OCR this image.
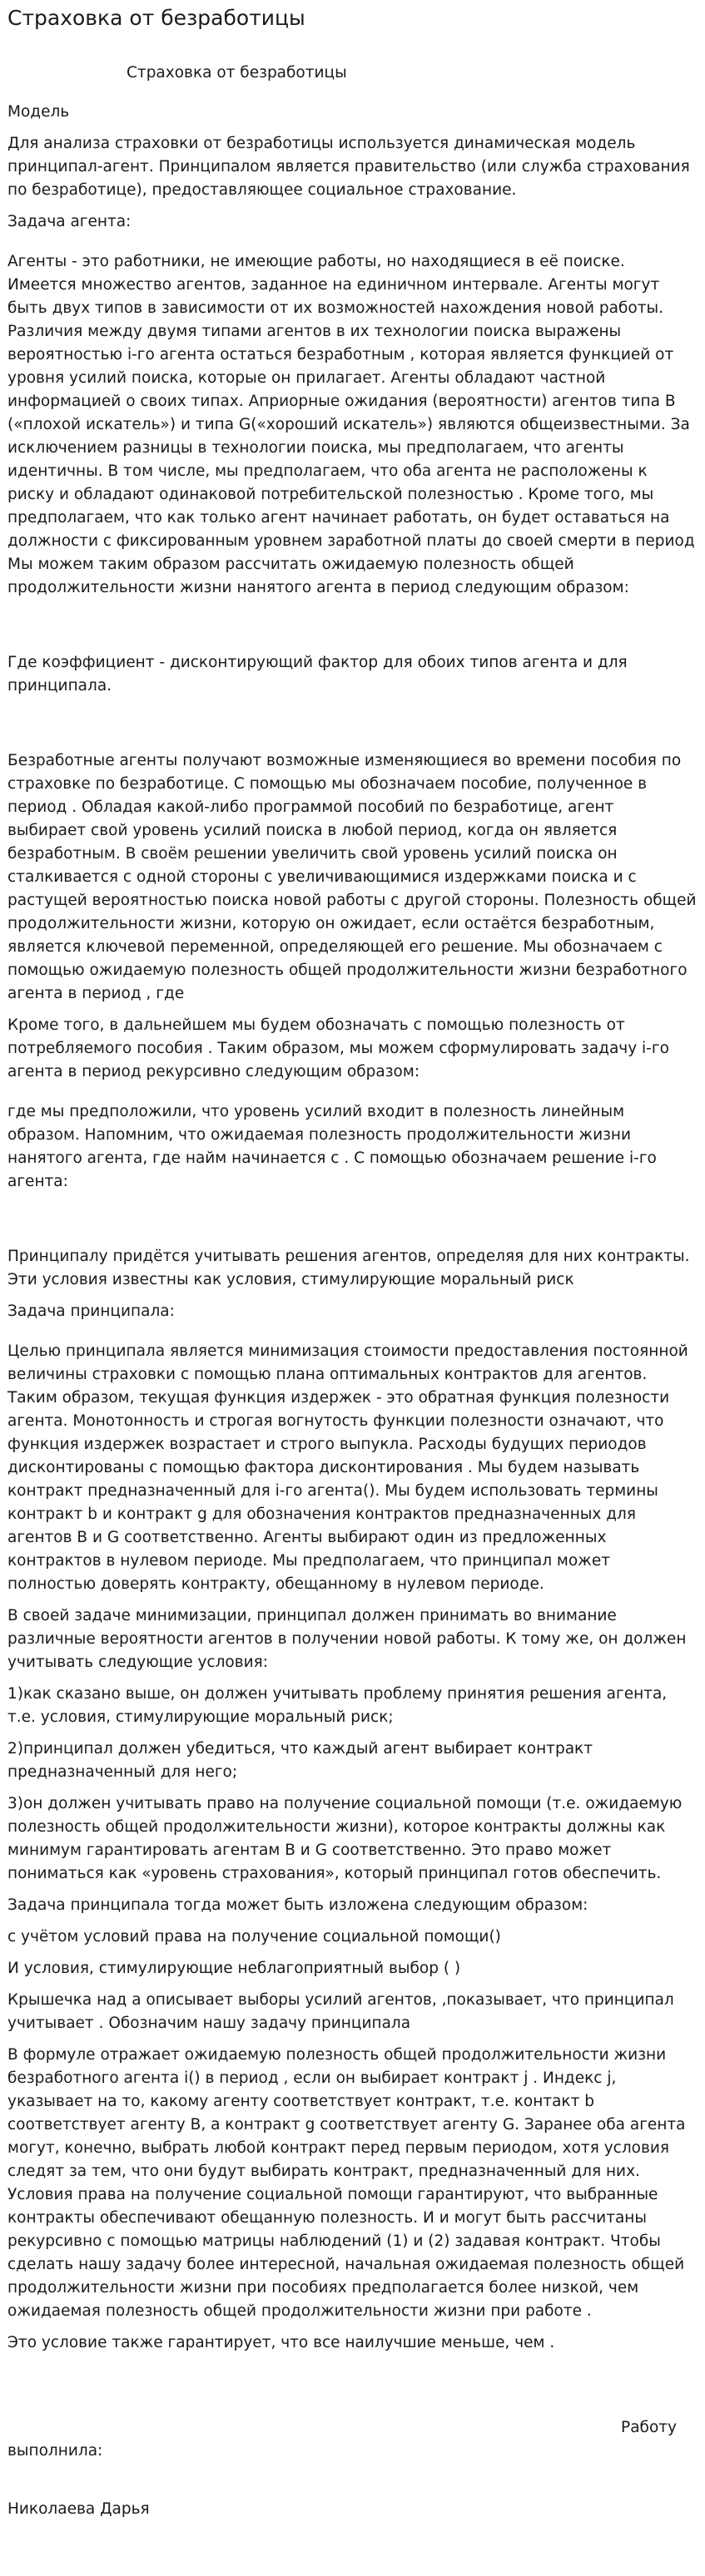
Страховка от безработицы

Страховка от безработицы

Модель

Для анализа страховки от безработицы используется динамическая модель принципал-агент. Принципалом является правительство (или служба страхования по безработице), предоставляющее социальное страхование.

Задача агента:

Агенты - это работники, не имеющие работы, но находящиеся в её поиске. Имеется множество агентов, заданное на единичном интервале. Агенты могут быть двух типов в зависимости от их возможностей нахождения новой работы. Различия между двумя типами агентов в их технологии поиска выражены вероятностью i-го агента остаться безработным , которая является функцией от уровня усилий поиска, которые он прилагает. Агенты обладают частной информацией о своих типах. Априорные ожидания (вероятности) агентов типа B («плохой искатель») и типа G(«хороший искатель») являются общеизвестными. За исключением разницы в технологии поиска, мы предполагаем, что агенты идентичны. В том числе, мы предполагаем, что оба агента не расположены к риску и обладают одинаковой потребительской полезностью . Кроме того, мы предполагаем, что как только агент начинает работать, он будет оставаться на должности с фиксированным уровнем заработной платы до своей смерти в период Мы можем таким образом рассчитать ожидаемую полезность общей продолжительности жизни нанятого агента в период следующим образом:

Где коэффициент - дисконтирующий фактор для обоих типов агента и для принципала.

Безработные агенты получают возможные изменяющиеся во времени пособия по страховке по безработице. С помощью мы обозначаем пособие, полученное в период . Обладая какой-либо программой пособий по безработице, агент выбирает свой уровень усилий поиска в любой период, когда он является безработным. В своём решении увеличить свой уровень усилий поиска он сталкивается с одной стороны с увеличивающимися издержками поиска и с растущей вероятностью поиска новой работы с другой стороны. Полезность общей продолжительности жизни, которую он ожидает, если остаётся безработным, является ключевой переменной, определяющей его решение. Мы обозначаем с помощью ожидаемую полезность общей продолжительности жизни безработного агента в период , где

Кроме того, в дальнейшем мы будем обозначать с помощью полезность от потребляемого пособия . Таким образом, мы можем сформулировать задачу i-го агента в период рекурсивно следующим образом:

где мы предположили, что уровень усилий входит в полезность линейным образом. Напомним, что ожидаемая полезность продолжительности жизни нанятого агента, где найм начинается с . С помощью обозначаем решение i-го агента:

Принципалу придётся учитывать решения агентов, определяя для них контракты. Эти условия известны как условия, стимулирующие моральный риск

Задача принципала:

Целью принципала является минимизация стоимости предоставления постоянной величины страховки с помощью плана оптимальных контрактов для агентов. Таким образом, текущая функция издержек - это обратная функция полезности агента. Монотонность и строгая вогнутость функции полезности означают, что функция издержек возрастает и строго выпукла. Расходы будущих периодов дисконтированы с помощью фактора дисконтирования . Мы будем называть контракт предназначенный для i-го агента(). Мы будем использовать термины контракт b и контракт g для обозначения контрактов предназначенных для агентов B и G соответственно. Агенты выбирают один из предложенных контрактов в нулевом периоде. Мы предполагаем, что принципал может полностью доверять контракту, обещанному в нулевом периоде.

В своей задаче минимизации, принципал должен принимать во внимание различные вероятности агентов в получении новой работы. К тому же, он должен учитывать следующие условия:

1)как сказано выше, он должен учитывать проблему принятия решения агента, т.е. условия, стимулирующие моральный риск;

2)принципал должен убедиться, что каждый агент выбирает контракт предназначенный для него;

3)он должен учитывать право на получение социальной помощи (т.е. ожидаемую полезность общей продолжительности жизни), которое контракты должны как минимум гарантировать агентам B и G соответственно. Это право может пониматься как «уровень страхования», который принципал готов обеспечить.

Задача принципала тогда может быть изложена следующим образом:

с учётом условий права на получение социальной помощи()

И условия, стимулирующие неблагоприятный выбор ( )

Крышечка над a описывает выборы усилий агентов, ,показывает, что принципал учитывает . Обозначим нашу задачу принципала

В формуле отражает ожидаемую полезность общей продолжительности жизни безработного агента i() в период , если он выбирает контракт j . Индекс j, указывает на то, какому агенту соответствует контракт, т.е. контакт b соответствует агенту B, а контракт g соответствует агенту G. Заранее оба агента могут, конечно, выбрать любой контракт перед первым периодом, хотя условия следят за тем, что они будут выбирать контракт, предназначенный для них. Условия права на получение социальной помощи гарантируют, что выбранные контракты обеспечивают обещанную полезность. И и могут быть рассчитаны рекурсивно с помощью матрицы наблюдений (1) и (2) задавая контракт. Чтобы сделать нашу задачу более интересной, начальная ожидаемая полезность общей продолжительности жизни при пособиях предполагается более низкой, чем ожидаемая полезность общей продолжительности жизни при работе .

Это условие также гарантирует, что все наилучшие меньше, чем .

Работу

выполнила:

Николаева Дарья
